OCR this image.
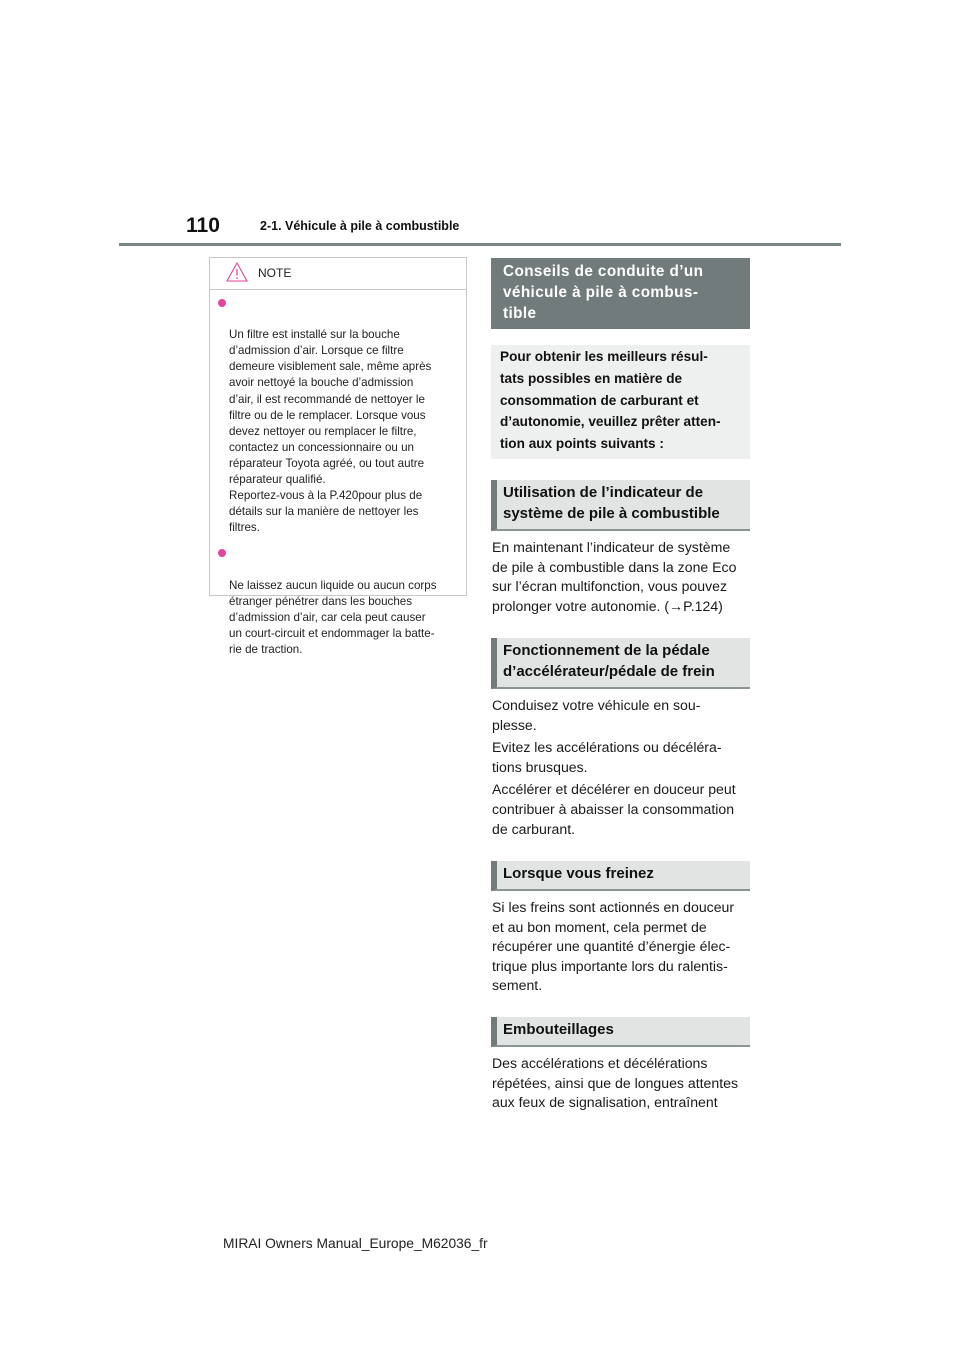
110	2-1. Véhicule à pile à combustible
NOTE

Un filtre est installé sur la bouche
d’admission d’air. Lorsque ce filtre
demeure visiblement sale, même après
avoir nettoyé la bouche d’admission
d’air, il est recommandé de nettoyer le
filtre ou de le remplacer. Lorsque vous
devez nettoyer ou remplacer le filtre,
contactez un concessionnaire ou un
réparateur Toyota agréé, ou tout autre
réparateur qualifié.
Reportez-vous à la P.420pour plus de
détails sur la manière de nettoyer les
filtres.

Ne laissez aucun liquide ou aucun corps
étranger pénétrer dans les bouches
d’admission d’air, car cela peut causer
un court-circuit et endommager la batte-
rie de traction.

Conseils de conduite d’un
véhicule à pile à combus-
tible
Pour obtenir les meilleurs résul-
tats possibles en matière de
consommation de carburant et
d’autonomie, veuillez prêter atten-
tion aux points suivants :
Utilisation de l’indicateur de
système de pile à combustible

En maintenant l’indicateur de système
de pile à combustible dans la zone Eco
sur l’écran multifonction, vous pouvez
prolonger votre autonomie. (→P.124)

Fonctionnement de la pédale
d’accélérateur/pédale de frein

Conduisez votre véhicule en sou-
plesse.

Evitez les accélérations ou décéléra-
tions brusques.

Accélérer et décélérer en douceur peut
contribuer à abaisser la consommation
de carburant.

Lorsque vous freinez

Si les freins sont actionnés en douceur
et au bon moment, cela permet de
récupérer une quantité d’énergie élec-
trique plus importante lors du ralentis-
sement.

Embouteillages

Des accélérations et décélérations
répétées, ainsi que de longues attentes
aux feux de signalisation, entraînent

MIRAI Owners Manual_Europe_M62036_fr
